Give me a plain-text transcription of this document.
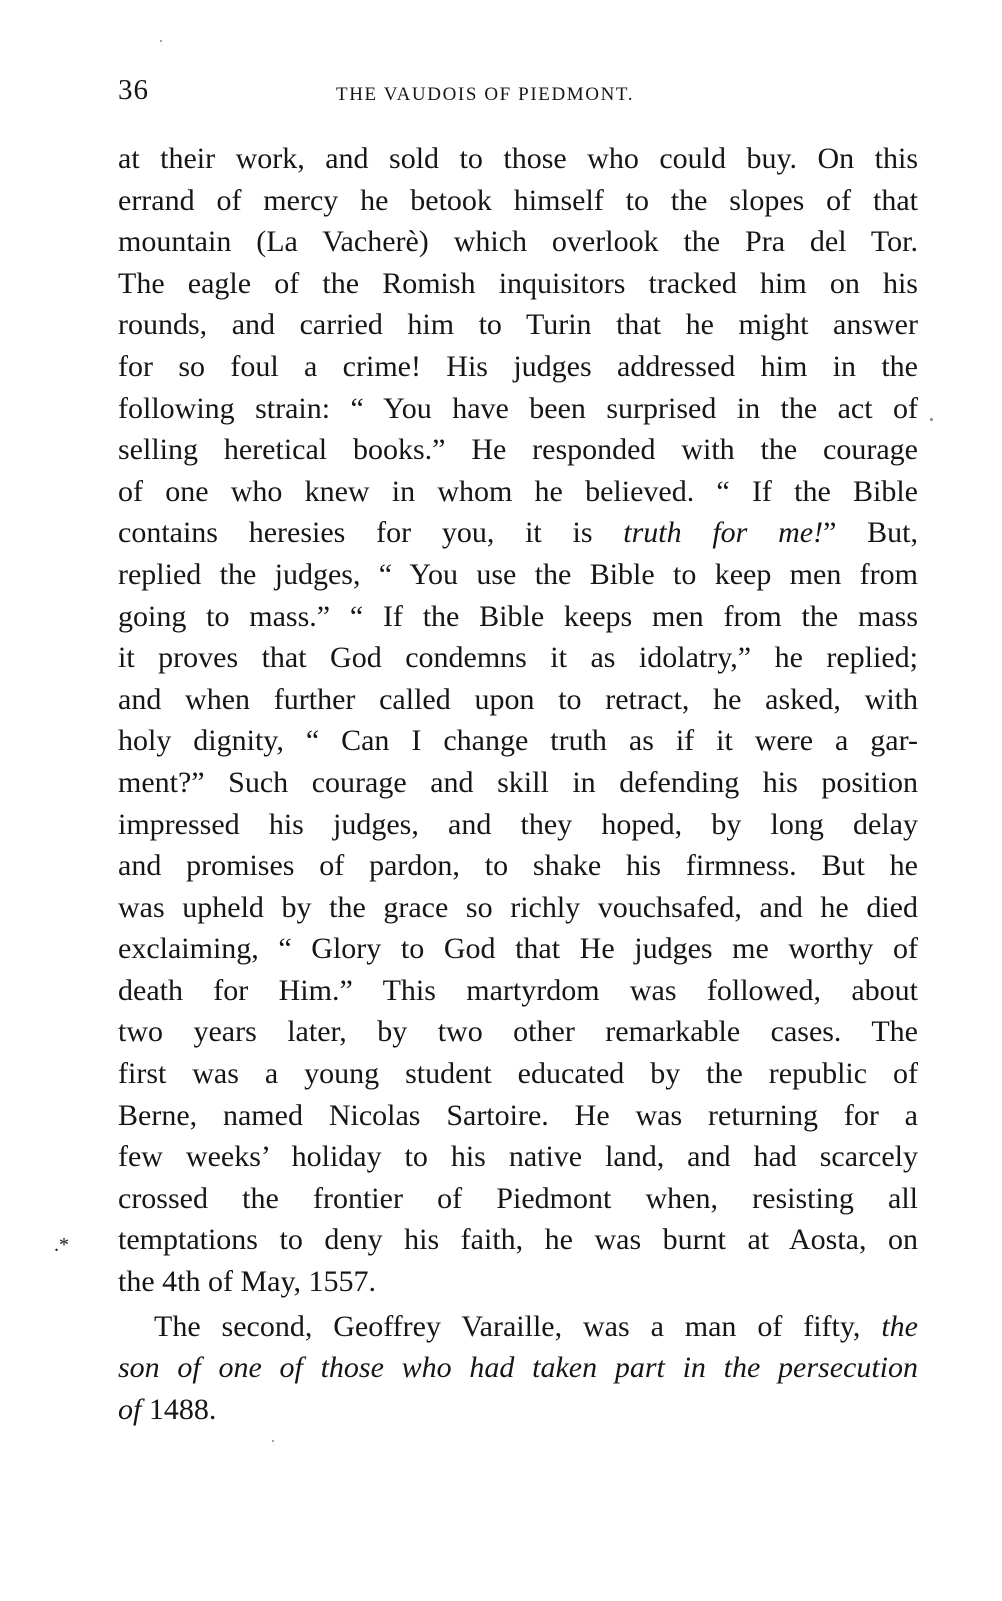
36	THE VAUDOIS OF PIEDMONT.
at their work, and sold to those who could buy. On this
errand of mercy he betook himself to the slopes of that
mountain (La Vacherè) which overlook the Pra del Tor.
The eagle of the Romish inquisitors tracked him on his
rounds, and carried him to Turin that he might answer
for so foul a crime! His judges addressed him in the
following strain: “ You have been surprised in the act of
selling heretical books.” He responded with the courage
of one who knew in whom he believed. “ If the Bible
contains heresies for you, it is truth for me!” But,
replied the judges, “ You use the Bible to keep men from
going to mass.” “ If the Bible keeps men from the mass
it proves that God condemns it as idolatry,” he replied;
and when further called upon to retract, he asked, with
holy dignity, “ Can I change truth as if it were a gar-
ment?” Such courage and skill in defending his position
impressed his judges, and they hoped, by long delay
and promises of pardon, to shake his firmness. But he
was upheld by the grace so richly vouchsafed, and he died
exclaiming, “ Glory to God that He judges me worthy of
death for Him.” This martyrdom was followed, about
two years later, by two other remarkable cases. The
first was a young student educated by the republic of
Berne, named Nicolas Sartoire. He was returning for a
few weeks’ holiday to his native land, and had scarcely
crossed the frontier of Piedmont when, resisting all
temptations to deny his faith, he was burnt at Aosta, on
the 4th of May, 1557.
The second, Geoffrey Varaille, was a man of fifty, the
son of one of those who had taken part in the persecution
of 1488.
.*
